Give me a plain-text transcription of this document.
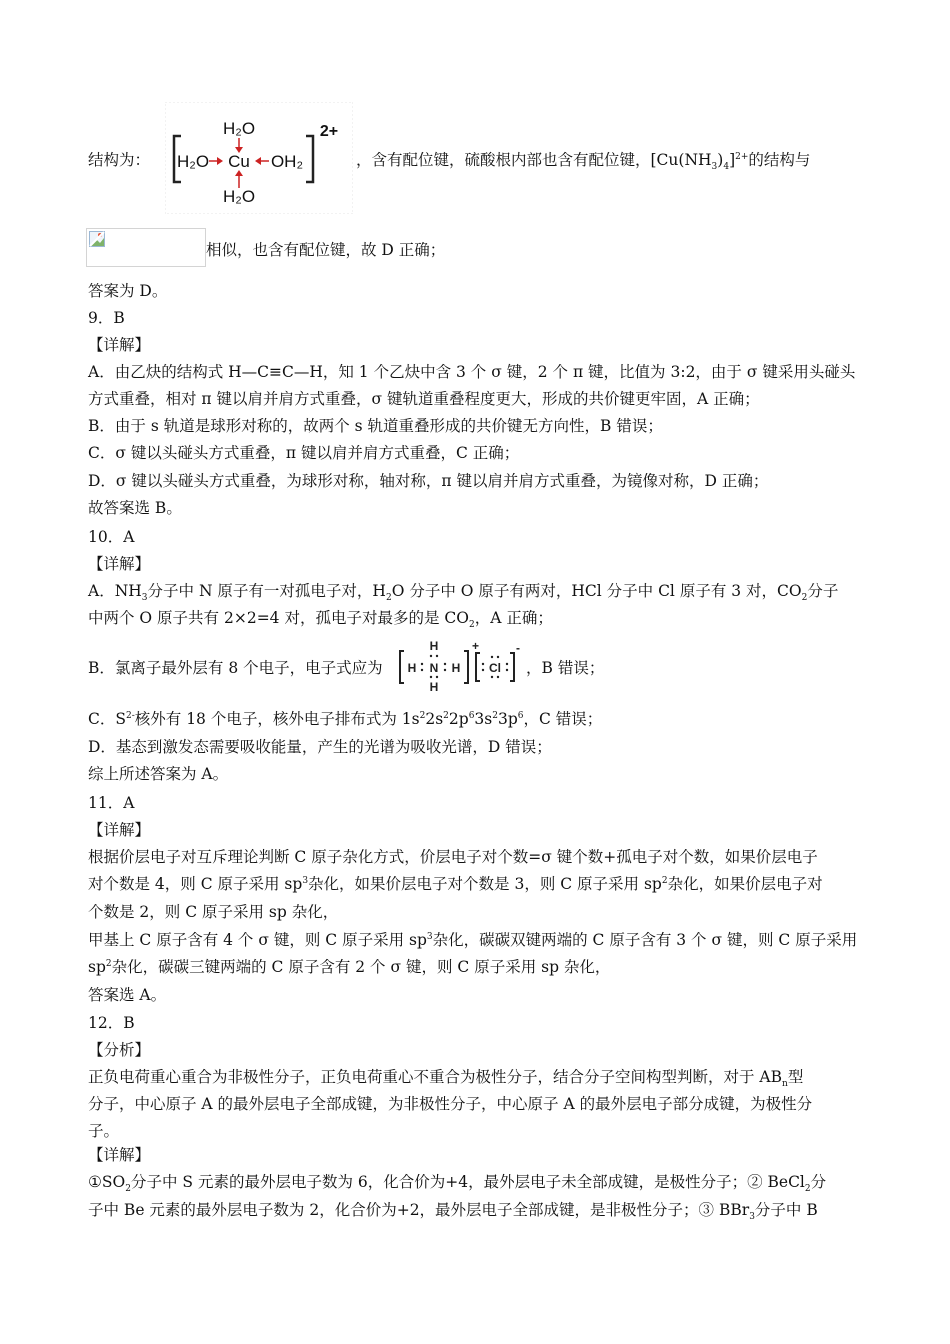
结构为：
H₂O
H₂O Cu OH₂
H₂O
2+
，含有配位键，硫酸根内部也含有配位键，$[Cu(NH_3)_4]^{2+}$的结构与
相似，也含有配位键，故 D 正确；
答案为 D。
9．B
【详解】
A．由乙炔的结构式 H—C≡C—H，知 1 个乙炔中含 3 个 σ 键，2 个 π 键，比值为 3:2，由于 σ 键采用头碰头
方式重叠，相对 π 键以肩并肩方式重叠，σ 键轨道重叠程度更大，形成的共价键更牢固，A 正确；
B．由于 s 轨道是球形对称的，故两个 s 轨道重叠形成的共价键无方向性，B 错误；
C．σ 键以头碰头方式重叠，π 键以肩并肩方式重叠，C 正确；
D．σ 键以头碰头方式重叠，为球形对称，轴对称，π 键以肩并肩方式重叠，为镜像对称，D 正确；
故答案选 B。
10．A
【详解】
A．$NH_3$分子中 N 原子有一对孤电子对，$H_2O$ 分子中 O 原子有两对，HCl 分子中 Cl 原子有 3 对，$CO_2$分子
中两个 O 原子共有 2×2=4 对，孤电子对最多的是 $CO_2$，A 正确；
B．氯离子最外层有 8 个电子，电子式应为
H
H N H
H
+
Cl
-
，B 错误；
C．$S^{2-}$核外有 18 个电子，核外电子排布式为 $1s^22s^22p^63s^23p^6$，C 错误；
D．基态到激发态需要吸收能量，产生的光谱为吸收光谱，D 错误；
综上所述答案为 A。
11．A
【详解】
根据价层电子对互斥理论判断 C 原子杂化方式，价层电子对个数=σ 键个数+孤电子对个数，如果价层电子
对个数是 4，则 C 原子采用 $sp^3$杂化，如果价层电子对个数是 3，则 C 原子采用 $sp^2$杂化，如果价层电子对
个数是 2，则 C 原子采用 sp 杂化，
甲基上 C 原子含有 4 个 σ 键，则 C 原子采用 $sp^3$杂化，碳碳双键两端的 C 原子含有 3 个 σ 键，则 C 原子采用
$sp^2$杂化，碳碳三键两端的 C 原子含有 2 个 σ 键，则 C 原子采用 sp 杂化，
答案选 A。
12．B
【分析】
正负电荷重心重合为非极性分子，正负电荷重心不重合为极性分子，结合分子空间构型判断，对于 $AB_n$型
分子，中心原子 A 的最外层电子全部成键，为非极性分子，中心原子 A 的最外层电子部分成键，为极性分
子。
【详解】
$①SO_2$分子中 S 元素的最外层电子数为 6，化合价为+4，最外层电子未全部成键，是极性分子；② BeCl$_2$分
子中 Be 元素的最外层电子数为 2，化合价为+2，最外层电子全部成键，是非极性分子；③ BBr$_3$分子中 B
